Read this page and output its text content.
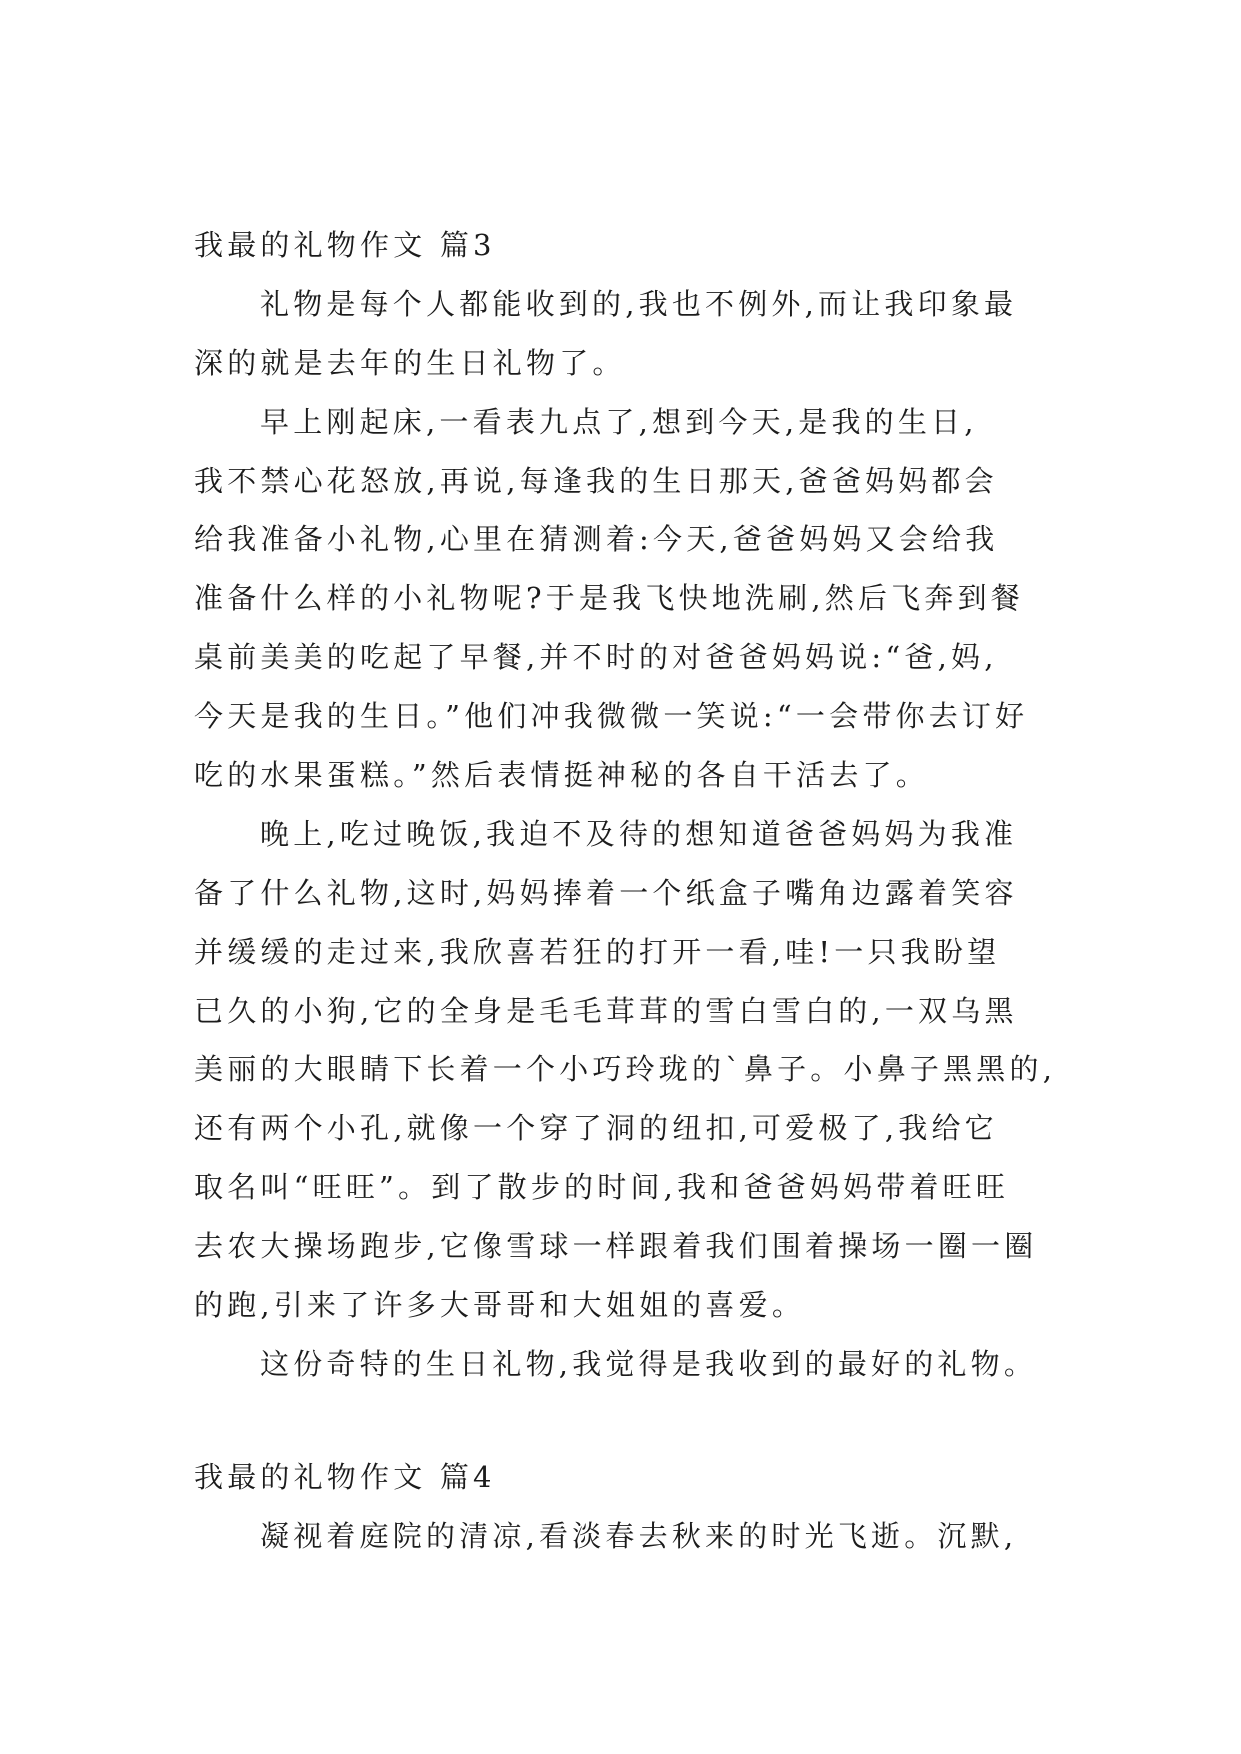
我最的礼物作文 篇3
礼物是每个人都能收到的,我也不例外,而让我印象最
深的就是去年的生日礼物了。
早上刚起床,一看表九点了,想到今天,是我的生日,
我不禁心花怒放,再说,每逢我的生日那天,爸爸妈妈都会
给我准备小礼物,心里在猜测着:今天,爸爸妈妈又会给我
准备什么样的小礼物呢?于是我飞快地洗刷,然后飞奔到餐
桌前美美的吃起了早餐,并不时的对爸爸妈妈说:“爸,妈,
今天是我的生日。”他们冲我微微一笑说:“一会带你去订好
吃的水果蛋糕。”然后表情挺神秘的各自干活去了。
晚上,吃过晚饭,我迫不及待的想知道爸爸妈妈为我准
备了什么礼物,这时,妈妈捧着一个纸盒子嘴角边露着笑容
并缓缓的走过来,我欣喜若狂的打开一看,哇!一只我盼望
已久的小狗,它的全身是毛毛茸茸的雪白雪白的,一双乌黑
美丽的大眼睛下长着一个小巧玲珑的`鼻子。小鼻子黑黑的,
还有两个小孔,就像一个穿了洞的纽扣,可爱极了,我给它
取名叫“旺旺”。到了散步的时间,我和爸爸妈妈带着旺旺
去农大操场跑步,它像雪球一样跟着我们围着操场一圈一圈
的跑,引来了许多大哥哥和大姐姐的喜爱。
这份奇特的生日礼物,我觉得是我收到的最好的礼物。
我最的礼物作文 篇4
凝视着庭院的清凉,看淡春去秋来的时光飞逝。沉默,
